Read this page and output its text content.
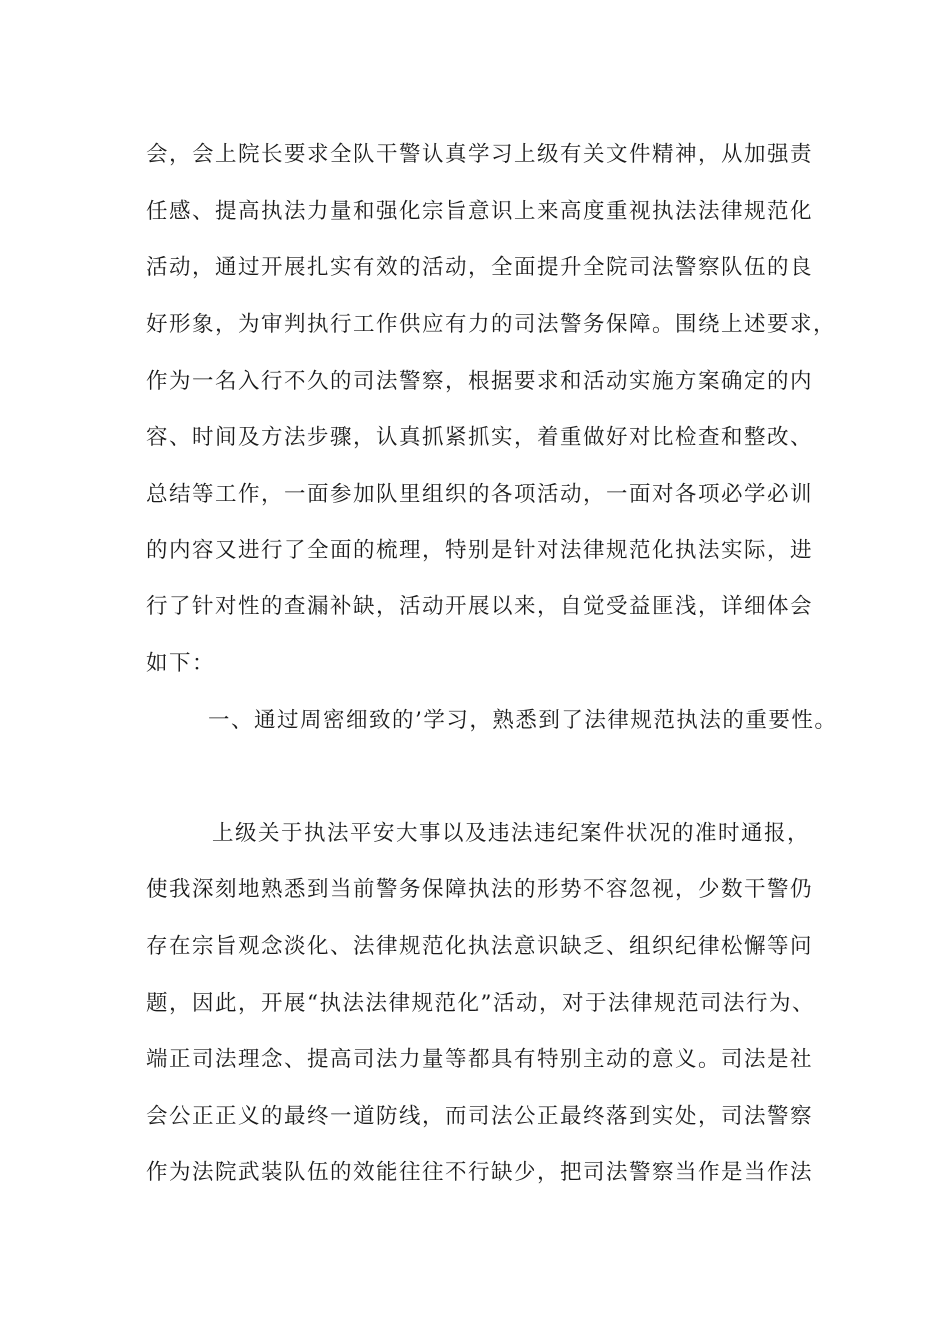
会，会上院长要求全队干警认真学习上级有关文件精神，从加强责
任感、提高执法力量和强化宗旨意识上来高度重视执法法律规范化
活动，通过开展扎实有效的活动，全面提升全院司法警察队伍的良
好形象，为审判执行工作供应有力的司法警务保障。围绕上述要求，
作为一名入行不久的司法警察，根据要求和活动实施方案确定的内
容、时间及方法步骤，认真抓紧抓实，着重做好对比检查和整改、
总结等工作，一面参加队里组织的各项活动，一面对各项必学必训
的内容又进行了全面的梳理，特别是针对法律规范化执法实际，进
行了针对性的查漏补缺，活动开展以来，自觉受益匪浅，详细体会
如下：
一、通过周密细致的’学习，熟悉到了法律规范执法的重要性。
上级关于执法平安大事以及违法违纪案件状况的准时通报，
使我深刻地熟悉到当前警务保障执法的形势不容忽视，少数干警仍
存在宗旨观念淡化、法律规范化执法意识缺乏、组织纪律松懈等问
题，因此，开展“执法法律规范化”活动，对于法律规范司法行为、
端正司法理念、提高司法力量等都具有特别主动的意义。司法是社
会公正正义的最终一道防线，而司法公正最终落到实处，司法警察
作为法院武装队伍的效能往往不行缺少，把司法警察当作是当作法
